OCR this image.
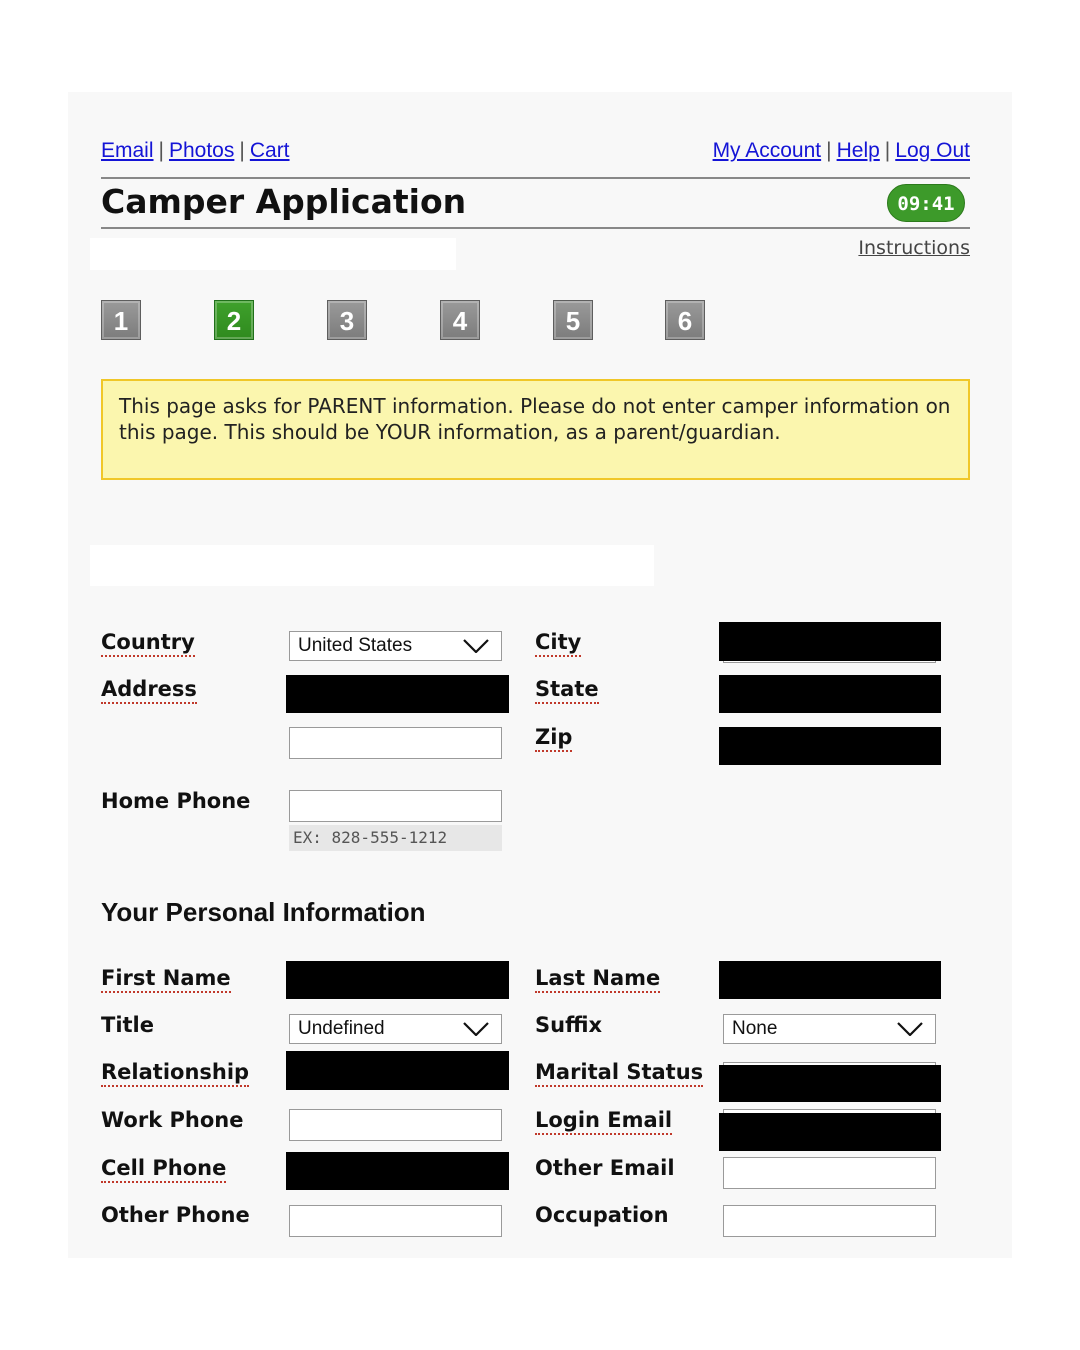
Email | Photos | Cart	My Account | Help | Log Out
Camper Application	09:41
Instructions
1	2	3	4	5	6
This page asks for PARENT information. Please do not enter camper information on this page. This should be YOUR information, as a parent/guardian.
Country	United States	City
Address	State
Zip
Home Phone
EX: 828-555-1212
Your Personal Information
First Name	Last Name
Title	Undefined	Suffix	None
Relationship	Marital Status
Work Phone	Login Email
Cell Phone	Other Email
Other Phone	Occupation
